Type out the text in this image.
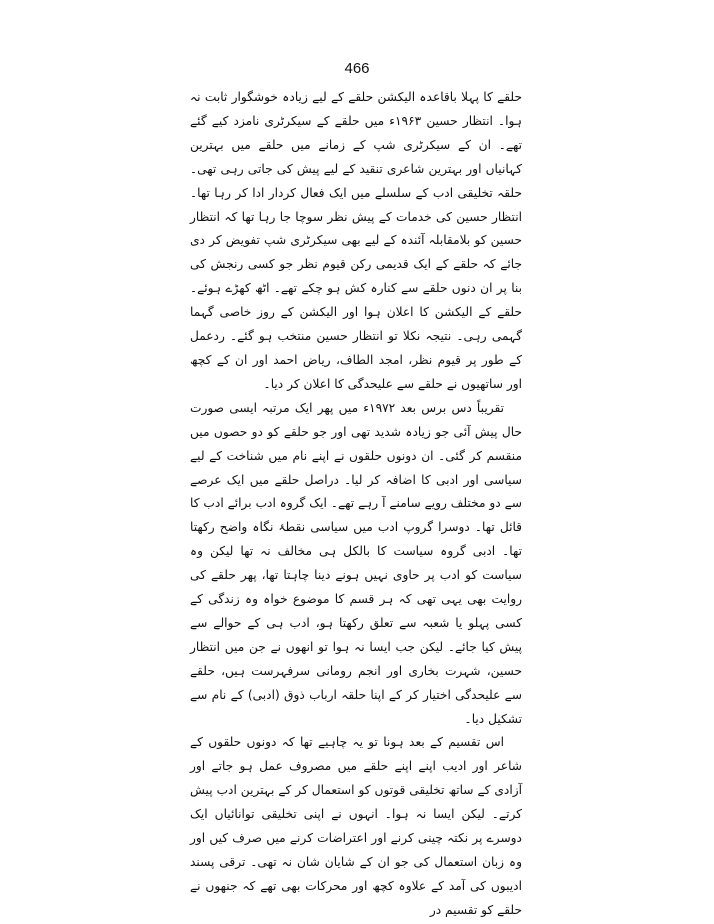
466

حلقے کا پہلا باقاعدہ الیکشن حلقے کے لیے زیادہ خوشگوار ثابت نہ ہوا۔ انتظار حسین ۱۹۶۳ء میں حلقے کے سیکرٹری نامزد کیے گئے تھے۔ ان کے سیکرٹری شپ کے زمانے میں حلقے میں بہترین کہانیاں اور بہترین شاعری تنقید کے لیے پیش کی جاتی رہی تھی۔ حلقہ تخلیقی ادب کے سلسلے میں ایک فعال کردار ادا کر رہا تھا۔ انتظار حسین کی خدمات کے پیش نظر سوچا جا رہا تھا کہ انتظار حسین کو بلامقابلہ آئندہ کے لیے بھی سیکرٹری شپ تفویض کر دی جائے کہ حلقے کے ایک قدیمی رکن قیوم نظر جو کسی رنجش کی بنا پر ان دنوں حلقے سے کنارہ کش ہو چکے تھے۔ اٹھ کھڑے ہوئے۔ حلقے کے الیکشن کا اعلان ہوا اور الیکشن کے روز خاصی گہما گہمی رہی۔ نتیجہ نکلا تو انتظار حسین منتخب ہو گئے۔ ردعمل کے طور پر قیوم نظر، امجد الطاف، ریاض احمد اور ان کے کچھ اور ساتھیوں نے حلقے سے علیحدگی کا اعلان کر دیا۔

تقریباً دس برس بعد ۱۹۷۲ء میں پھر ایک مرتبہ ایسی صورت حال پیش آئی جو زیادہ شدید تھی اور جو حلقے کو دو حصوں میں منقسم کر گئی۔ ان دونوں حلقوں نے اپنے نام میں شناخت کے لیے سیاسی اور ادبی کا اضافہ کر لیا۔ دراصل حلقے میں ایک عرصے سے دو مختلف رویے سامنے آ رہے تھے۔ ایک گروہ ادب برائے ادب کا قائل تھا۔ دوسرا گروپ ادب میں سیاسی نقطۂ نگاہ واضح رکھتا تھا۔ ادبی گروہ سیاست کا بالکل ہی مخالف نہ تھا لیکن وہ سیاست کو ادب پر حاوی نہیں ہونے دینا چاہتا تھا، پھر حلقے کی روایت بھی یہی تھی کہ ہر قسم کا موضوع خواہ وہ زندگی کے کسی پہلو یا شعبہ سے تعلق رکھتا ہو، ادب ہی کے حوالے سے پیش کیا جائے۔ لیکن جب ایسا نہ ہوا تو انھوں نے جن میں انتظار حسین، شہرت بخاری اور انجم رومانی سرفہرست ہیں، حلقے سے علیحدگی اختیار کر کے اپنا حلقہ ارباب ذوق (ادبی) کے نام سے تشکیل دیا۔

اس تقسیم کے بعد ہونا تو یہ چاہیے تھا کہ دونوں حلقوں کے شاعر اور ادیب اپنے اپنے حلقے میں مصروف عمل ہو جاتے اور آزادی کے ساتھ تخلیقی قوتوں کو استعمال کر کے بہترین ادب پیش کرتے۔ لیکن ایسا نہ ہوا۔ انہوں نے اپنی تخلیقی توانائیاں ایک دوسرے پر نکتہ چینی کرنے اور اعتراضات کرنے میں صرف کیں اور وہ زبان استعمال کی جو ان کے شایان شان نہ تھی۔ ترقی پسند ادیبوں کی آمد کے علاوہ کچھ اور محرکات بھی تھے کہ جنھوں نے حلقے کو تقسیم در
